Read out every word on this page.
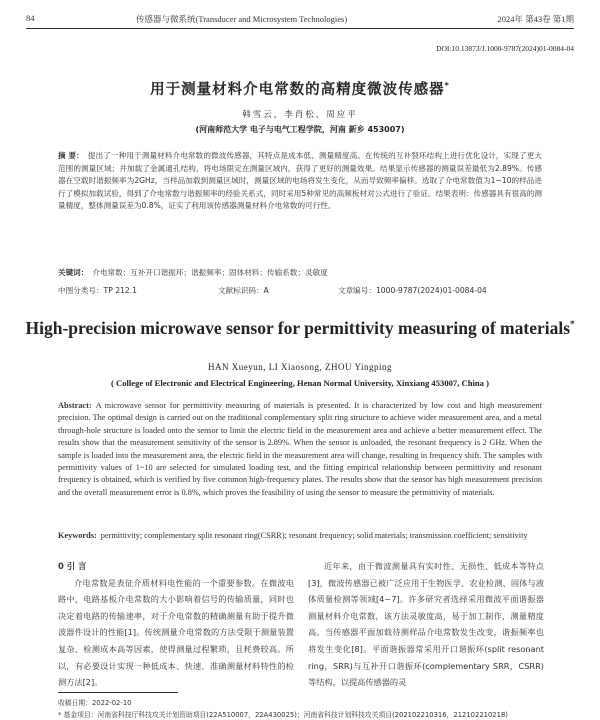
84	传感器与微系统(Transducer and Microsystem Technologies)	2024年 第43卷 第1期
DOI:10.13873/J.1000-9787(2024)01-0084-04
用于测量材料介电常数的高精度微波传感器*
韩雪云，李肖松，周应平
(河南师范大学 电子与电气工程学院，河南 新乡 453007)
摘 要： 提出了一种用于测量材料介电常数的微波传感器，其特点是成本低、测量精度高。在传统的互补裂环结构上进行优化设计，实现了更大范围的测量区域；并加载了金属通孔结构，将电场限定在测量区域内，获得了更好的测量效果。结果显示传感器的测量误差最低为2.89%。传感器在空载时谐振频率为2GHz，当样品加载到测量区域时，测量区域的电场将发生变化，从而导致频率偏移。选取了介电常数值为1~10的样品进行了模拟加载试验，得到了介电常数与谐振频率的经验关系式，同时采用5种常见的高频板材对公式进行了验证。结果表明：传感器具有很高的测量精度，整体测量误差为0.8%，证实了利用该传感器测量材料介电常数的可行性。
关键词： 介电常数；互补开口谐振环；谐振频率；固体材料；传输系数；灵敏度
中图分类号：TP 212.1	文献标识码：A	文章编号：1000-9787(2024)01-0084-04
High-precision microwave sensor for permittivity measuring of materials*
HAN Xueyun, LI Xiaosong, ZHOU Yingping
( College of Electronic and Electrical Engineering, Henan Normal University, Xinxiang 453007, China )
Abstract: A microwave sensor for permittivity measuring of materials is presented. It is characterized by low cost and high measurement precision. The optimal design is carried out on the traditional complementary split ring structure to achieve wider measurement area, and a metal through-hole structure is loaded onto the sensor to limit the electric field in the measurement area and achieve a better measurement effect. The results show that the measurement sensitivity of the sensor is 2.89%. When the sensor is unloaded, the resonant frequency is 2 GHz. When the sample is loaded into the measurement area, the electric field in the measurement area will change, resulting in frequency shift. The samples with permittivity values of 1~10 are selected for simulated loading test, and the fitting empirical relationship between permittivity and resonant frequency is obtained, which is verified by five common high-frequency plates. The results show that the sensor has high measurement precision and the overall measurement error is 0.8%, which proves the feasibility of using the sensor to measure the permittivity of materials.
Keywords: permittivity; complementary split resonant ring(CSRR); resonant frequency; solid materials; transmission coefficient; sensitivity
0 引 言
介电常数是表征介质材料电性能的一个重要参数。在微波电路中，电路基板介电常数的大小影响着信号的传输质量，同时也决定着电路的传输速率，对于介电常数的精确测量有助于提升微波器件设计的性能[1]。传统测量介电常数的方法受限于测量装置复杂、检测成本高等因素，使得测量过程繁琐，且耗费较高。所以，有必要设计实现一种低成本、快速、准确测量材料特性的检测方法[2]。
近年来，由于微波测量具有实时性、无损性、低成本等特点[3]，微波传感器已被广泛应用于生物医学、农业检测、固体与液体质量检测等领域[4~7]。许多研究者选择采用微波平面谐振器测量材料介电常数，该方法灵敏度高，易于加工制作，测量精度高。当传感器平面加载待测样品介电常数发生改变，谐振频率也将发生变化[8]。平面谐振器常采用开口谐振环(split resonant ring，SRR)与互补开口谐振环(complementary SRR，CSRR)等结构，以提高传感器的灵
收稿日期：2022-02-10
* 基金项目：河南省科技厅科技攻关计划资助项目(22A510007，22A430025)；河南省科技计划科技攻关项目(202102210316，212102210218)
